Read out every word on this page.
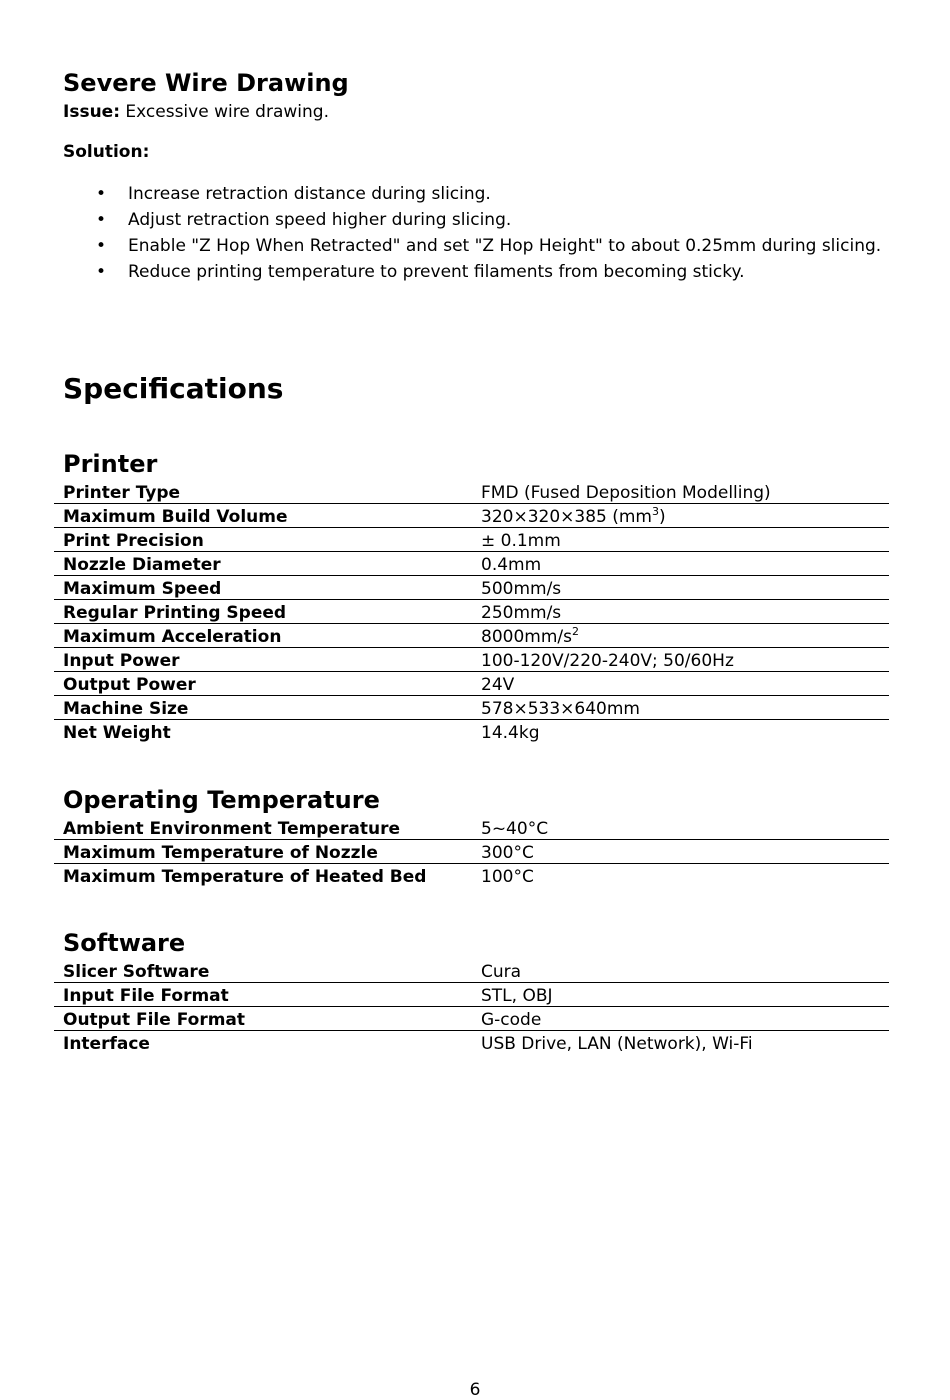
Severe Wire Drawing
Issue: Excessive wire drawing.
Solution:
• Increase retraction distance during slicing.
• Adjust retraction speed higher during slicing.
• Enable "Z Hop When Retracted" and set "Z Hop Height" to about 0.25mm during slicing.
• Reduce printing temperature to prevent filaments from becoming sticky.
Specifications
Printer
Printer Type	FMD (Fused Deposition Modelling)
Maximum Build Volume	320×320×385 $(mm^3)$
Print Precision	± 0.1mm
Nozzle Diameter	0.4mm
Maximum Speed	500mm/s
Regular Printing Speed	250mm/s
Maximum Acceleration	$8000mm/s^2$
Input Power	100-120V/220-240V; 50/60Hz
Output Power	24V
Machine Size	578×533×640mm
Net Weight	14.4kg
Operating Temperature
Ambient Environment Temperature	5~40°C
Maximum Temperature of Nozzle	300°C
Maximum Temperature of Heated Bed	100°C
Software
Slicer Software	Cura
Input File Format	STL, OBJ
Output File Format	G-code
Interface	USB Drive, LAN (Network), Wi-Fi
6
